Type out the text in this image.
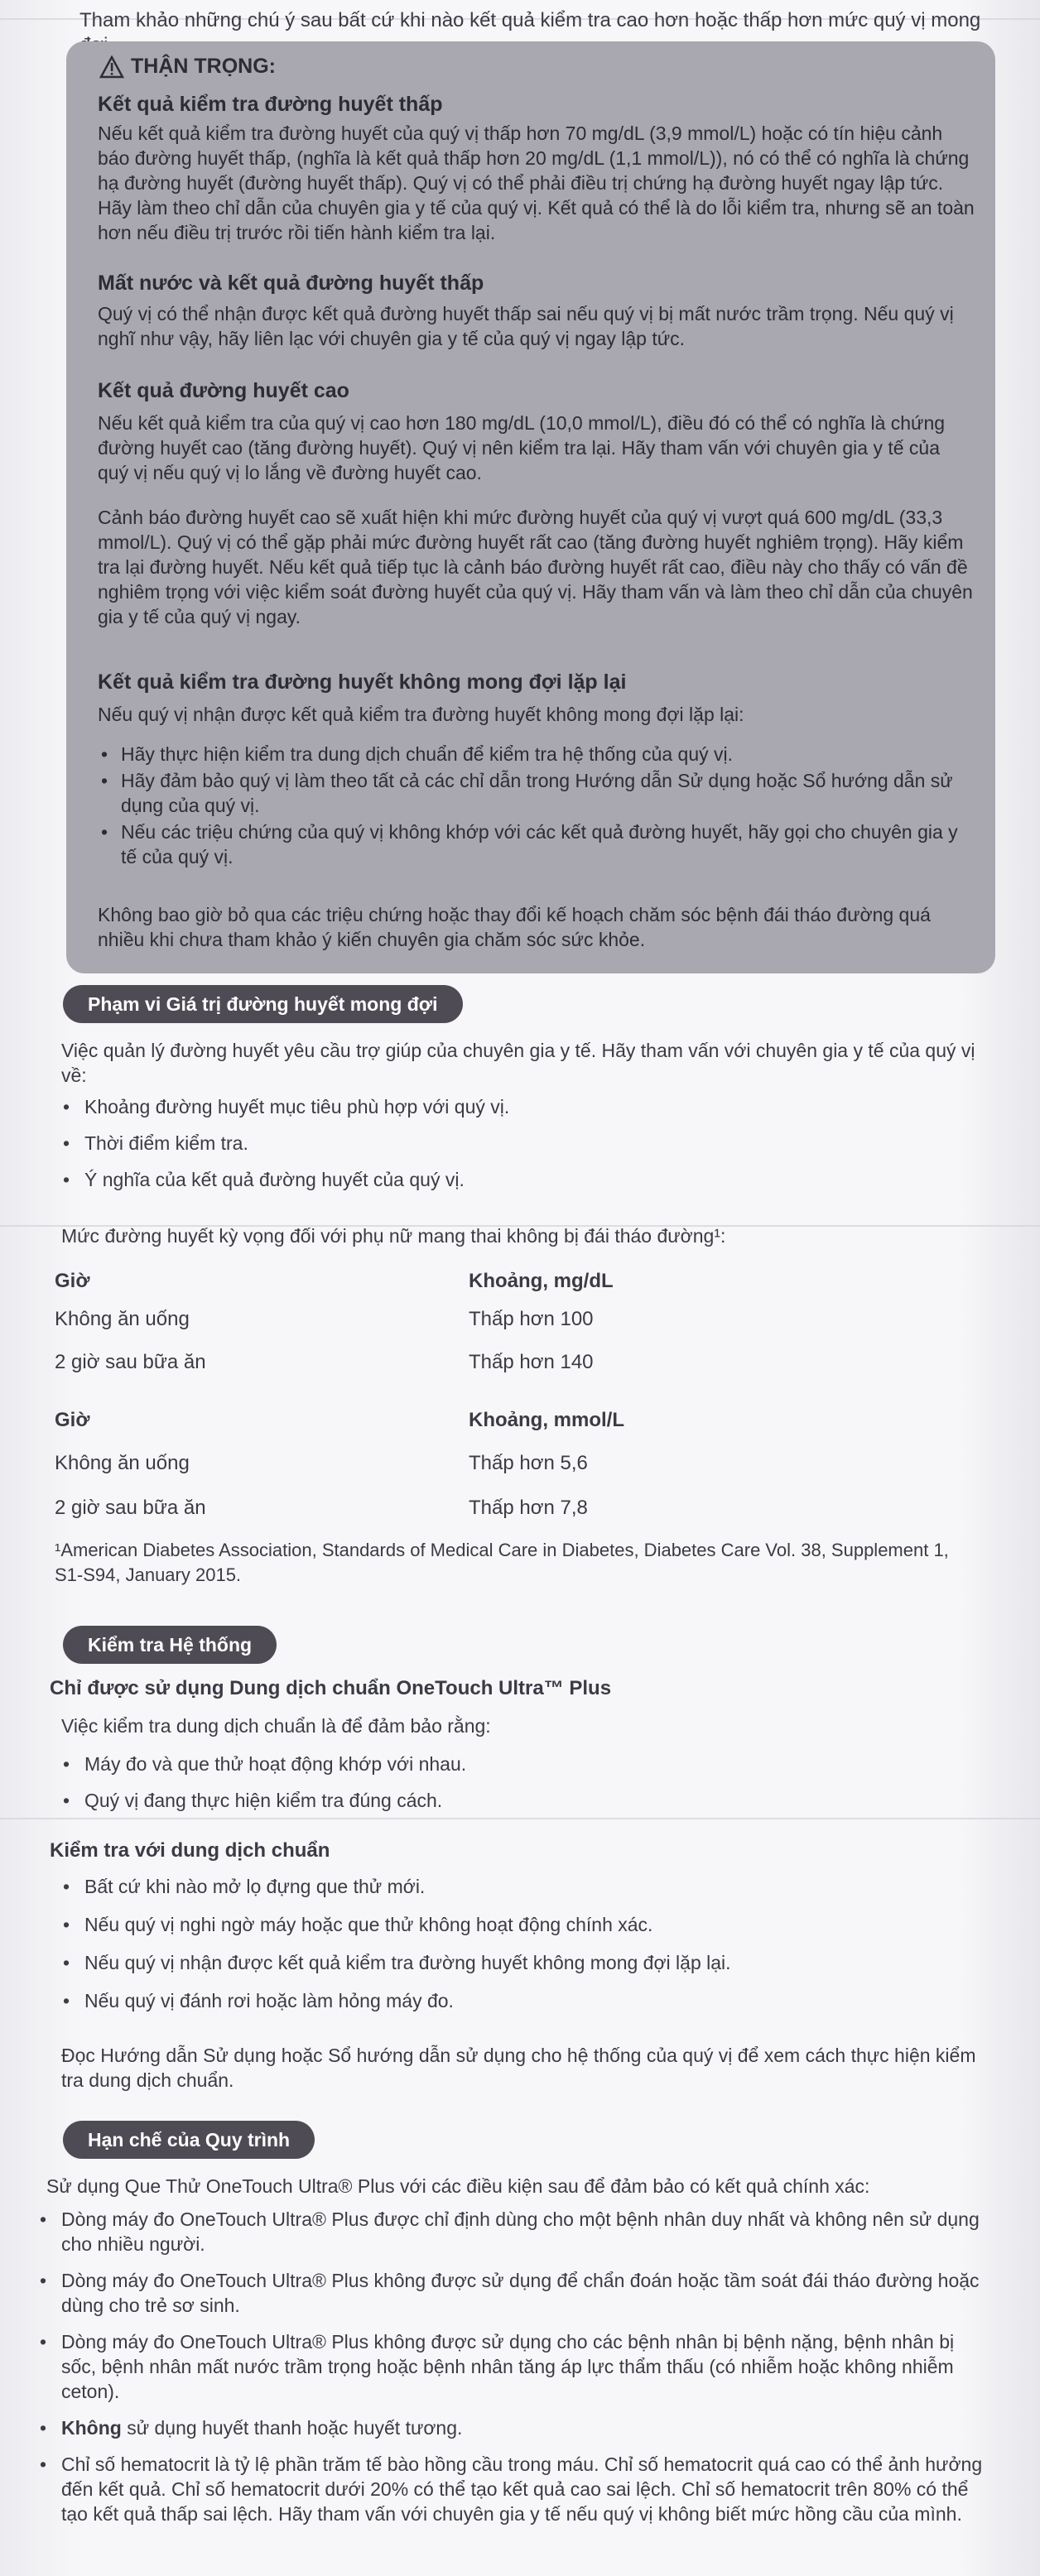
Tham khảo những chú ý sau bất cứ khi nào kết quả kiểm tra cao hơn hoặc thấp hơn mức quý vị mong

THẬN TRỌNG:
Kết quả kiểm tra đường huyết thấp

Nếu kết quả kiểm tra đường huyết của quý vị thấp hơn 70 mg/dL (3,9 mmol/L) hoặc có tín hiệu cảnh báo đường huyết thấp, (nghĩa là kết quả thấp hơn 20 mg/dL (1,1 mmol/L)), nó có thể có nghĩa là chứng hạ đường huyết (đường huyết thấp). Quý vị có thể phải điều trị chứng hạ đường huyết ngay lập tức. Hãy làm theo chỉ dẫn của chuyên gia y tế của quý vị. Kết quả có thể là do lỗi kiểm tra, nhưng sẽ an toàn hơn nếu điều trị trước rồi tiến hành kiểm tra lại.

Mất nước và kết quả đường huyết thấp

Quý vị có thể nhận được kết quả đường huyết thấp sai nếu quý vị bị mất nước trầm trọng. Nếu quý vị nghĩ như vậy, hãy liên lạc với chuyên gia y tế của quý vị ngay lập tức.

Kết quả đường huyết cao

Nếu kết quả kiểm tra của quý vị cao hơn 180 mg/dL (10,0 mmol/L), điều đó có thể có nghĩa là chứng đường huyết cao (tăng đường huyết). Quý vị nên kiểm tra lại. Hãy tham vấn với chuyên gia y tế của quý vị nếu quý vị lo lắng về đường huyết cao.

Cảnh báo đường huyết cao sẽ xuất hiện khi mức đường huyết của quý vị vượt quá 600 mg/dL (33,3 mmol/L). Quý vị có thể gặp phải mức đường huyết rất cao (tăng đường huyết nghiêm trọng). Hãy kiểm tra lại đường huyết. Nếu kết quả tiếp tục là cảnh báo đường huyết rất cao, điều này cho thấy có vấn đề nghiêm trọng với việc kiểm soát đường huyết của quý vị. Hãy tham vấn và làm theo chỉ dẫn của chuyên gia y tế của quý vị ngay.

Kết quả kiểm tra đường huyết không mong đợi lặp lại

Nếu quý vị nhận được kết quả kiểm tra đường huyết không mong đợi lặp lại:

• Hãy thực hiện kiểm tra dung dịch chuẩn để kiểm tra hệ thống của quý vị.
• Hãy đảm bảo quý vị làm theo tất cả các chỉ dẫn trong Hướng dẫn Sử dụng hoặc Sổ hướng dẫn sử dụng của quý vị.
• Nếu các triệu chứng của quý vị không khớp với các kết quả đường huyết, hãy gọi cho chuyên gia y tế của quý vị.

Không bao giờ bỏ qua các triệu chứng hoặc thay đổi kế hoạch chăm sóc bệnh đái tháo đường quá nhiều khi chưa tham khảo ý kiến chuyên gia chăm sóc sức khỏe.

Phạm vi Giá trị đường huyết mong đợi

Việc quản lý đường huyết yêu cầu trợ giúp của chuyên gia y tế. Hãy tham vấn với chuyên gia y tế của quý vị về:

• Khoảng đường huyết mục tiêu phù hợp với quý vị.
• Thời điểm kiểm tra.
• Ý nghĩa của kết quả đường huyết của quý vị.

Mức đường huyết kỳ vọng đối với phụ nữ mang thai không bị đái tháo đường¹:

Giờ	Khoảng, mg/dL
Không ăn uống	Thấp hơn 100
2 giờ sau bữa ăn	Thấp hơn 140
Giờ	Khoảng, mmol/L
Không ăn uống	Thấp hơn 5,6
2 giờ sau bữa ăn	Thấp hơn 7,8

¹American Diabetes Association, Standards of Medical Care in Diabetes, Diabetes Care Vol. 38, Supplement 1, S1-S94, January 2015.

Kiểm tra Hệ thống
Chỉ được sử dụng Dung dịch chuẩn OneTouch Ultra™ Plus

Việc kiểm tra dung dịch chuẩn là để đảm bảo rằng:

• Máy đo và que thử hoạt động khớp với nhau.
• Quý vị đang thực hiện kiểm tra đúng cách.
Kiểm tra với dung dịch chuẩn
• Bất cứ khi nào mở lọ đựng que thử mới.
• Nếu quý vị nghi ngờ máy hoặc que thử không hoạt động chính xác.
• Nếu quý vị nhận được kết quả kiểm tra đường huyết không mong đợi lặp lại.
• Nếu quý vị đánh rơi hoặc làm hỏng máy đo.

Đọc Hướng dẫn Sử dụng hoặc Sổ hướng dẫn sử dụng cho hệ thống của quý vị để xem cách thực hiện kiểm tra dung dịch chuẩn.

Hạn chế của Quy trình

Sử dụng Que Thử OneTouch Ultra® Plus với các điều kiện sau để đảm bảo có kết quả chính xác:

• Dòng máy đo OneTouch Ultra® Plus được chỉ định dùng cho một bệnh nhân duy nhất và không nên sử dụng cho nhiều người.
• Dòng máy đo OneTouch Ultra® Plus không được sử dụng để chẩn đoán hoặc tầm soát đái tháo đường hoặc dùng cho trẻ sơ sinh.
• Dòng máy đo OneTouch Ultra® Plus không được sử dụng cho các bệnh nhân bị bệnh nặng, bệnh nhân bị sốc, bệnh nhân mất nước trầm trọng hoặc bệnh nhân tăng áp lực thẩm thấu (có nhiễm hoặc không nhiễm ceton).
• Không sử dụng huyết thanh hoặc huyết tương.
• Chỉ số hematocrit là tỷ lệ phần trăm tế bào hồng cầu trong máu. Chỉ số hematocrit quá cao có thể ảnh hưởng đến kết quả. Chỉ số hematocrit dưới 20% có thể tạo kết quả cao sai lệch. Chỉ số hematocrit trên 80% có thể tạo kết quả thấp sai lệch. Hãy tham vấn với chuyên gia y tế nếu quý vị không biết mức hồng cầu của mình.
